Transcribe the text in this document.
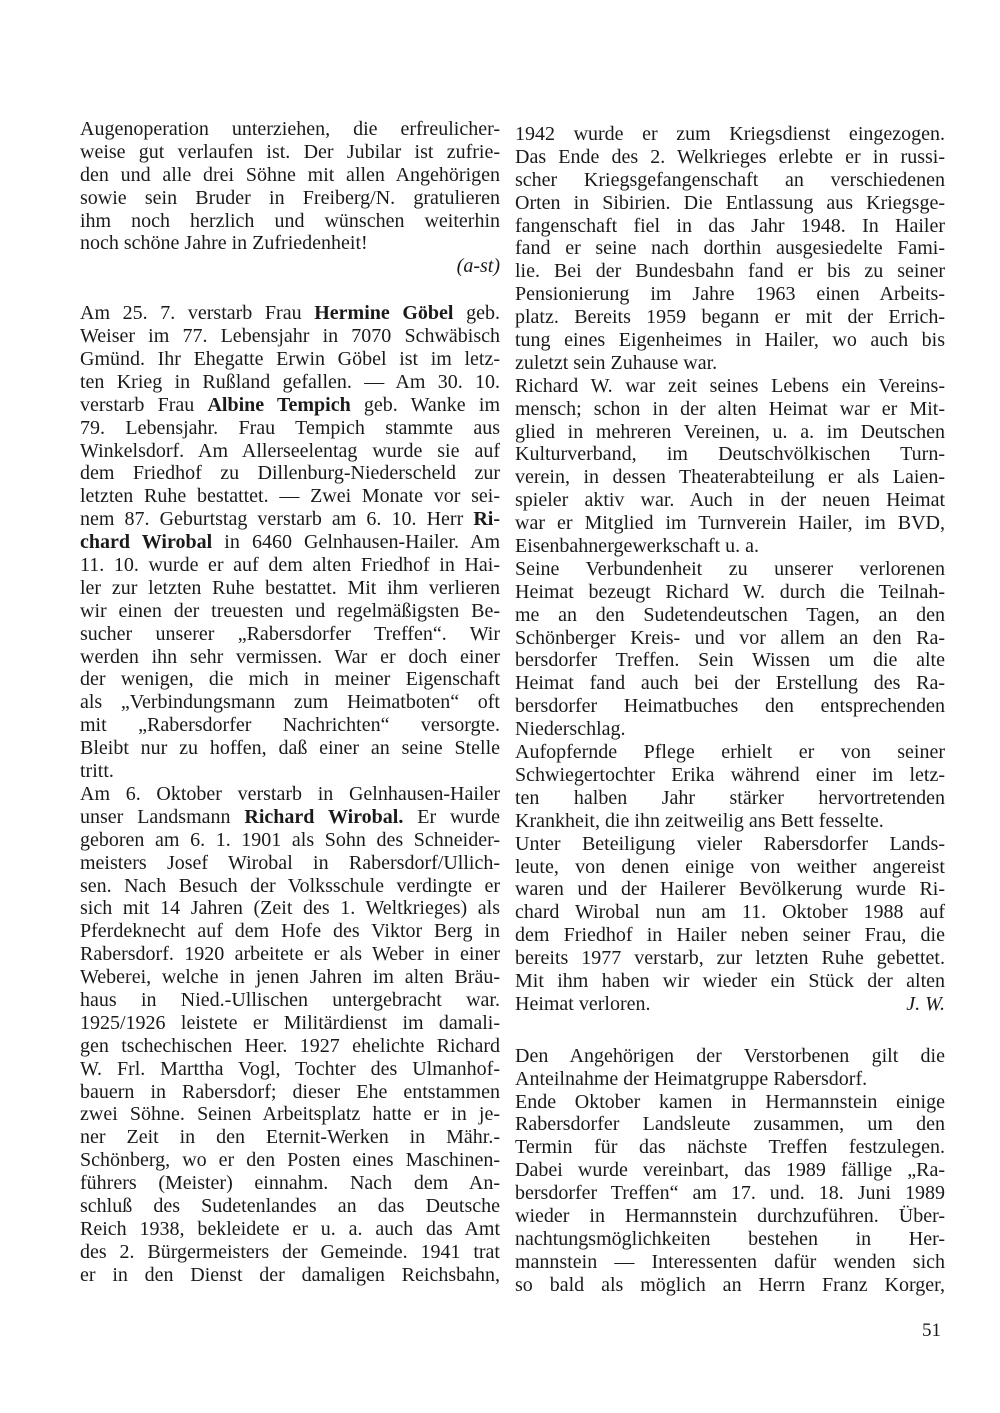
Augenoperation unterziehen, die erfreulicher-
weise gut verlaufen ist. Der Jubilar ist zufrie-
den und alle drei Söhne mit allen Angehörigen
sowie sein Bruder in Freiberg/N. gratulieren
ihm noch herzlich und wünschen weiterhin
noch schöne Jahre in Zufriedenheit!
(a-st)
Am 25. 7. verstarb Frau Hermine Göbel geb.
Weiser im 77. Lebensjahr in 7070 Schwäbisch
Gmünd. Ihr Ehegatte Erwin Göbel ist im letz-
ten Krieg in Rußland gefallen. — Am 30. 10.
verstarb Frau Albine Tempich geb. Wanke im
79. Lebensjahr. Frau Tempich stammte aus
Winkelsdorf. Am Allerseelentag wurde sie auf
dem Friedhof zu Dillenburg-Niederscheld zur
letzten Ruhe bestattet. — Zwei Monate vor sei-
nem 87. Geburtstag verstarb am 6. 10. Herr Ri-
chard Wirobal in 6460 Gelnhausen-Hailer. Am
11. 10. wurde er auf dem alten Friedhof in Hai-
ler zur letzten Ruhe bestattet. Mit ihm verlieren
wir einen der treuesten und regelmäßigsten Be-
sucher unserer „Rabersdorfer Treffen“. Wir
werden ihn sehr vermissen. War er doch einer
der wenigen, die mich in meiner Eigenschaft
als „Verbindungsmann zum Heimatboten“ oft
mit „Rabersdorfer Nachrichten“ versorgte.
Bleibt nur zu hoffen, daß einer an seine Stelle
tritt.
Am 6. Oktober verstarb in Gelnhausen-Hailer
unser Landsmann Richard Wirobal. Er wurde
geboren am 6. 1. 1901 als Sohn des Schneider-
meisters Josef Wirobal in Rabersdorf/Ullich-
sen. Nach Besuch der Volksschule verdingte er
sich mit 14 Jahren (Zeit des 1. Weltkrieges) als
Pferdeknecht auf dem Hofe des Viktor Berg in
Rabersdorf. 1920 arbeitete er als Weber in einer
Weberei, welche in jenen Jahren im alten Bräu-
haus in Nied.-Ullischen untergebracht war.
1925/1926 leistete er Militärdienst im damali-
gen tschechischen Heer. 1927 ehelichte Richard
W. Frl. Marttha Vogl, Tochter des Ulmanhof-
bauern in Rabersdorf; dieser Ehe entstammen
zwei Söhne. Seinen Arbeitsplatz hatte er in je-
ner Zeit in den Eternit-Werken in Mähr.-
Schönberg, wo er den Posten eines Maschinen-
führers (Meister) einnahm. Nach dem An-
schluß des Sudetenlandes an das Deutsche
Reich 1938, bekleidete er u. a. auch das Amt
des 2. Bürgermeisters der Gemeinde. 1941 trat
er in den Dienst der damaligen Reichsbahn,
1942 wurde er zum Kriegsdienst eingezogen.
Das Ende des 2. Welkrieges erlebte er in russi-
scher Kriegsgefangenschaft an verschiedenen
Orten in Sibirien. Die Entlassung aus Kriegsge-
fangenschaft fiel in das Jahr 1948. In Hailer
fand er seine nach dorthin ausgesiedelte Fami-
lie. Bei der Bundesbahn fand er bis zu seiner
Pensionierung im Jahre 1963 einen Arbeits-
platz. Bereits 1959 begann er mit der Errich-
tung eines Eigenheimes in Hailer, wo auch bis
zuletzt sein Zuhause war.
Richard W. war zeit seines Lebens ein Vereins-
mensch; schon in der alten Heimat war er Mit-
glied in mehreren Vereinen, u. a. im Deutschen
Kulturverband, im Deutschvölkischen Turn-
verein, in dessen Theaterabteilung er als Laien-
spieler aktiv war. Auch in der neuen Heimat
war er Mitglied im Turnverein Hailer, im BVD,
Eisenbahnergewerkschaft u. a.
Seine Verbundenheit zu unserer verlorenen
Heimat bezeugt Richard W. durch die Teilnah-
me an den Sudetendeutschen Tagen, an den
Schönberger Kreis- und vor allem an den Ra-
bersdorfer Treffen. Sein Wissen um die alte
Heimat fand auch bei der Erstellung des Ra-
bersdorfer Heimatbuches den entsprechenden
Niederschlag.
Aufopfernde Pflege erhielt er von seiner
Schwiegertochter Erika während einer im letz-
ten halben Jahr stärker hervortretenden
Krankheit, die ihn zeitweilig ans Bett fesselte.
Unter Beteiligung vieler Rabersdorfer Lands-
leute, von denen einige von weither angereist
waren und der Hailerer Bevölkerung wurde Ri-
chard Wirobal nun am 11. Oktober 1988 auf
dem Friedhof in Hailer neben seiner Frau, die
bereits 1977 verstarb, zur letzten Ruhe gebettet.
Mit ihm haben wir wieder ein Stück der alten
Heimat verloren.	J. W.
Den Angehörigen der Verstorbenen gilt die
Anteilnahme der Heimatgruppe Rabersdorf.
Ende Oktober kamen in Hermannstein einige
Rabersdorfer Landsleute zusammen, um den
Termin für das nächste Treffen festzulegen.
Dabei wurde vereinbart, das 1989 fällige „Ra-
bersdorfer Treffen“ am 17. und. 18. Juni 1989
wieder in Hermannstein durchzuführen. Über-
nachtungsmöglichkeiten bestehen in Her-
mannstein — Interessenten dafür wenden sich
so bald als möglich an Herrn Franz Korger,
51
